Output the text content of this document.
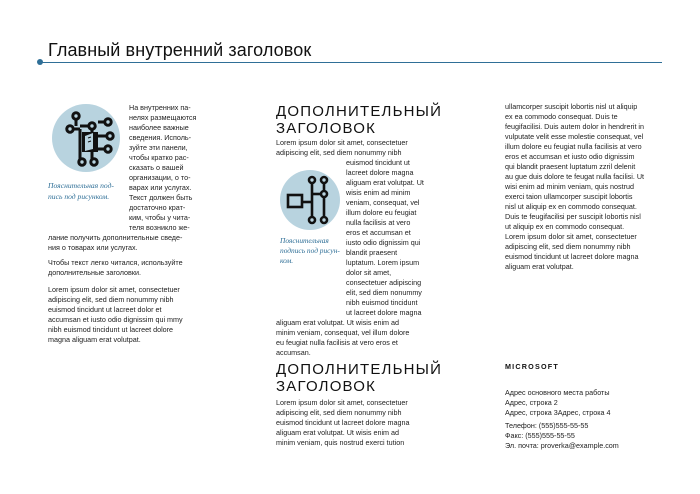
Главный внутренний заголовок
Пояснительная под- пись под рисунком.
На внутренних па-
нелях размещаются
наиболее важные
сведения. Исполь-
зуйте эти панели,
чтобы кратко рас-
сказать о вашей
организации, о то-
варах или услугах.
Текст должен быть
достаточно крат-
ким, чтобы у чита-
теля возникло же-
лание получить дополнительные сведе-
ния о товарах или услугах.
Чтобы текст легко читался, используйте
дополнительные заголовки.
Lorem ipsum dolor sit amet, consectetuer
adipiscing elit, sed diem nonummy nibh
euismod tincidunt ut lacreet dolor et
accumsan et iusto odio dignissim qui mmy
nibh euismod tincidunt ut lacreet dolore
magna aliguam erat volutpat.
ДОПОЛНИТЕЛЬНЫЙ
ЗАГОЛОВОК
Lorem ipsum dolor sit amet, consectetuer
adipiscing elit, sed diem nonummy nibh
Пояснительная подпись под рисун- ком.
euismod tincidunt ut
lacreet dolore magna
aliguam erat volutpat. Ut
wisis enim ad minim
veniam, consequat, vel
illum dolore eu feugiat
nulla facilisis at vero
eros et accumsan et
iusto odio dignissim qui
blandit praesent
luptatum. Lorem ipsum
dolor sit amet,
consectetuer adipiscing
elit, sed diem nonummy
nibh euismod tincidunt
ut lacreet dolore magna
aliguam erat volutpat. Ut wisis enim ad
minim veniam, consequat, vel illum dolore
eu feugiat nulla facilisis at vero eros et
accumsan.
ДОПОЛНИТЕЛЬНЫЙ
ЗАГОЛОВОК
Lorem ipsum dolor sit amet, consectetuer
adipiscing elit, sed diem nonummy nibh
euismod tincidunt ut lacreet dolore magna
aliguam erat volutpat. Ut wisis enim ad
minim veniam, quis nostrud exerci tution
ullamcorper suscipit lobortis nisl ut aliquip
ex ea commodo consequat. Duis te
feugifacilisi. Duis autem dolor in hendrerit in
vulputate velit esse molestie consequat, vel
illum dolore eu feugiat nulla facilisis at vero
eros et accumsan et iusto odio dignissim
qui blandit praesent luptatum zzril delenit
au gue duis dolore te feugat nulla facilisi. Ut
wisi enim ad minim veniam, quis nostrud
exerci taion ullamcorper suscipit lobortis
nisl ut aliquip ex en commodo consequat.
Duis te feugifacilisi per suscipit lobortis nisl
ut aliquip ex en commodo consequat.
Lorem ipsum dolor sit amet, consectetuer
adipiscing elit, sed diem nonummy nibh
euismod tincidunt ut lacreet dolore magna
aliguam erat volutpat.
MICROSOFT
Адрес основного места работы
Адрес, строка 2
Адрес, строка 3Адрес, строка 4
Телефон: (555)555-55-55
Факс: (555)555-55-55
Эл. почта: proverka@example.com
